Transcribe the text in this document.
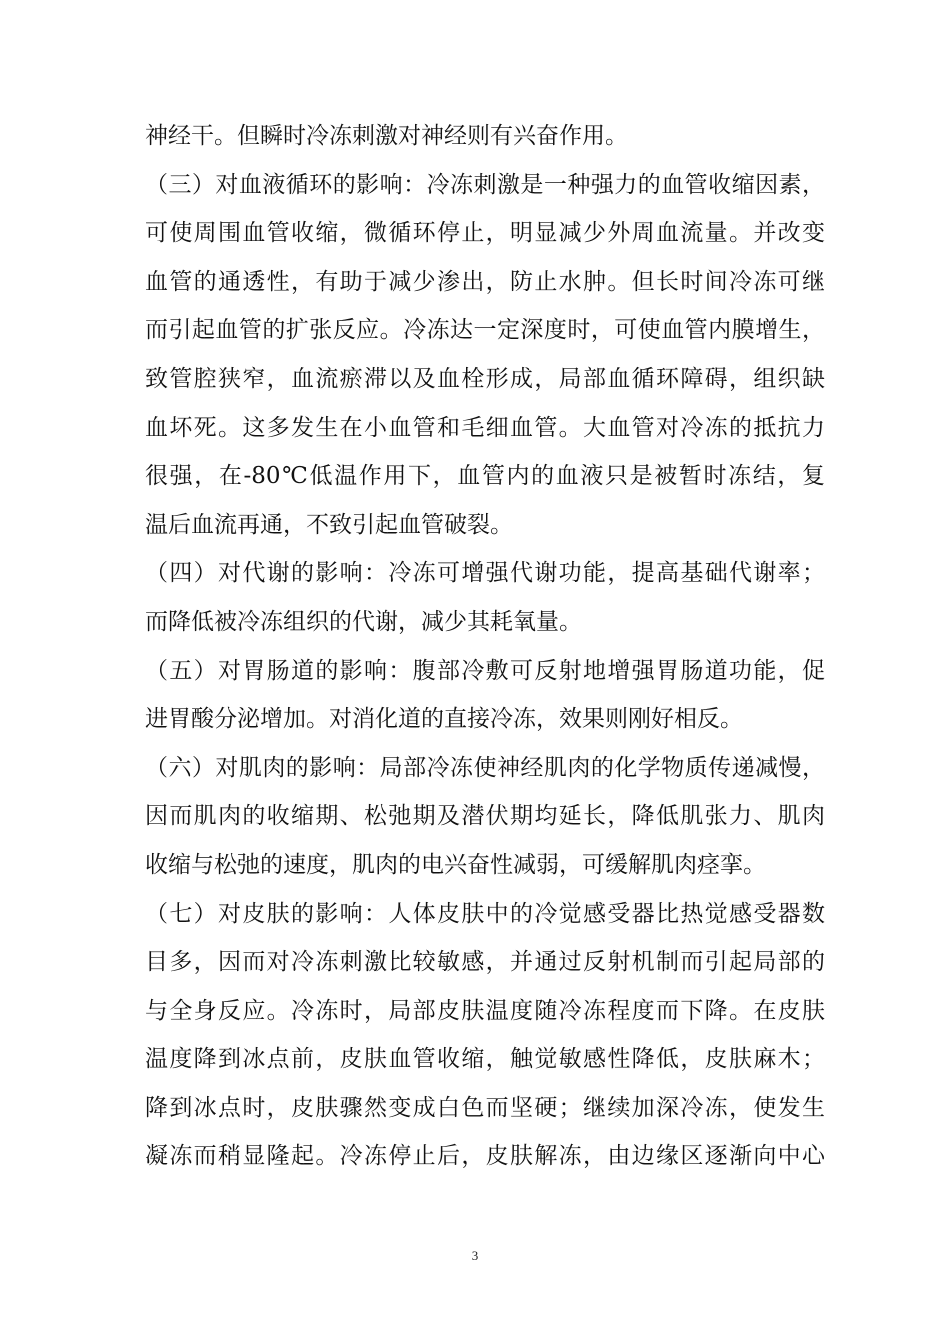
神经干。但瞬时冷冻刺激对神经则有兴奋作用。
（三）对血液循环的影响：冷冻刺激是一种强力的血管收缩因素，
可使周围血管收缩，微循环停止，明显减少外周血流量。并改变
血管的通透性，有助于减少渗出，防止水肿。但长时间冷冻可继
而引起血管的扩张反应。冷冻达一定深度时，可使血管内膜增生，
致管腔狭窄，血流瘀滞以及血栓形成，局部血循环障碍，组织缺
血坏死。这多发生在小血管和毛细血管。大血管对冷冻的抵抗力
很强，在-80℃低温作用下，血管内的血液只是被暂时冻结，复
温后血流再通，不致引起血管破裂。
（四）对代谢的影响：冷冻可增强代谢功能，提高基础代谢率；
而降低被冷冻组织的代谢，减少其耗氧量。
（五）对胃肠道的影响：腹部冷敷可反射地增强胃肠道功能，促
进胃酸分泌增加。对消化道的直接冷冻，效果则刚好相反。
（六）对肌肉的影响：局部冷冻使神经肌肉的化学物质传递减慢，
因而肌肉的收缩期、松弛期及潜伏期均延长，降低肌张力、肌肉
收缩与松弛的速度，肌肉的电兴奋性减弱，可缓解肌肉痉挛。
（七）对皮肤的影响：人体皮肤中的冷觉感受器比热觉感受器数
目多，因而对冷冻刺激比较敏感，并通过反射机制而引起局部的
与全身反应。冷冻时，局部皮肤温度随冷冻程度而下降。在皮肤
温度降到冰点前，皮肤血管收缩，触觉敏感性降低，皮肤麻木；
降到冰点时，皮肤骤然变成白色而坚硬；继续加深冷冻，使发生
凝冻而稍显隆起。冷冻停止后，皮肤解冻，由边缘区逐渐向中心
3
